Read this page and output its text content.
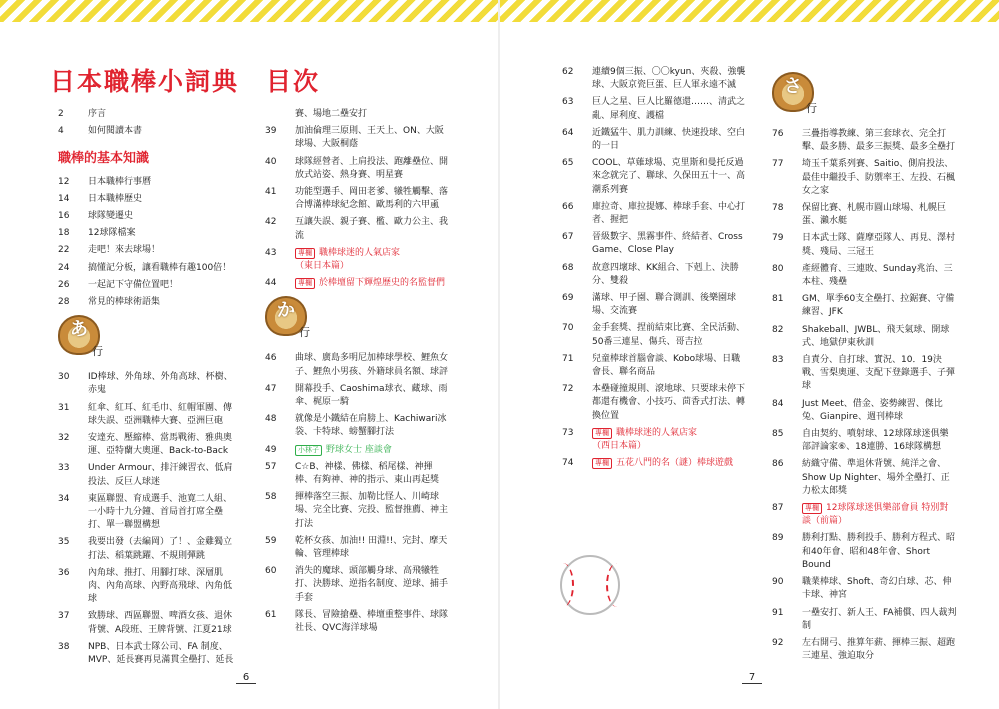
日本職棒小詞典　目次
2	序言
4	如何閱讀本書
職棒的基本知識
12	日本職棒行事曆
14	日本職棒歷史
16	球隊變遷史
18	12球隊檔案
22	走吧！來去球場！
24	搞懂記分板，讓看職棒有趣100倍！
26	一起記下守備位置吧！
28	常見的棒球術語集
あ
行
30	ID棒球、外角球、外角高球、杯樹、赤鬼
31	紅傘、紅耳、紅毛巾、紅帽軍團、傳球失誤、亞洲職棒大賽、亞洲巨砲
32	安達充、壓縮棒、當馬戰術、雅典奧運、亞特蘭大奧運、Back-to-Back
33	Under Armour、排汗練習衣、低肩投法、反巨人球迷
34	東區聯盟、育成選手、池寛二人組、一小時十九分鐘、首局首打席全壘打、單一聯盟構想
35	我要出發（去編岡）了！、金雞獨立打法、稻葉跳躍、不規則彈跳
36	內角球、推打、用腳打球、深層肌肉、內角高球、內野高飛球、內角低球
37	致勝球、西區聯盟、啤酒女孩、退休背號、A段班、王牌背號、江夏21球
38	NPB、日本武士隊公司、FA 制度、MVP、延長賽再見滿貫全壘打、延長
賽、場地二壘安打
39	加油倫理三原則、王天上、ON、大阪球場、大阪桐蔭
40	球隊經營者、上肩投法、跑離壘位、開放式站姿、熱身賽、明星賽
41	功能型選手、岡田老爹、犧牲觸擊、落合博滿棒球紀念館、歐馬利的六甲颪
42	互讓失誤、親子賽、檻、歐力公主、我流
43	專欄 職棒球迷的人氣店家
（東日本篇）
44	專欄 於棒壇留下輝煌歷史的名監督們
か
行
46	曲球、廣島多明尼加棒球學校、鯉魚女子、鯉魚小男孩、外籍球員名額、球評
47	開幕投手、Caoshima球衣、藏球、雨傘、梶原一騎
48	就像是小鐵結在肩膀上、Kachiwari冰袋、卡特球、螃蟹腳打法
49	小林子 野球女士 座談會
57	C☆B、神樣、佛樣、稻尾樣、神揮棒、有夠神、神的指示、東山再起獎
58	揮棒落空三振、加勒比怪人、川崎球場、完全比賽、完投、監督推薦、神主打法
59	乾杯女孩、加油!! 田淵!!、完封、摩天輪、管理棒球
60	消失的魔球、頭部觸身球、高飛犧牲打、決勝球、逆指名制度、逆球、捕手手套
61	隊長、冒險搶壘、棒壇重整事件、球隊社長、QVC海洋球場
6
62	連續9個三振、〇〇kyun、夾殺、強襲球、大阪京瓷巨蛋、巨人軍永遠不滅
63	巨人之星、巨人比羅德還……、清武之亂、犀利度、護檔
64	近鐵猛牛、肌力訓練、快速投球、空白的一日
65	COOL、草薙球場、克里斯和曼托反過來念就完了、聯球、久保田五十一、高潮系列賽
66	庫拉奇、庫拉提娜、棒球手套、中心打者、握把
67	晉級數字、黑霧事件、終結者、Cross Game、Close Play
68	故意四壞球、KK組合、下剋上、決勝分、雙殺
69	滿球、甲子園、聯合測訓、後樂園球場、交流賽
70	金手套獎、捏前結束比賽、全民活動、50番三連星、傷兵、哥吉拉
71	兒童棒球首腦會談、Kobo球場、日職會長、聯名商品
72	本壘碰撞規則、滾地球、只要球未停下都還有機會、小技巧、茴香式打法、轉換位置
73	專欄 職棒球迷的人氣店家
（西日本篇）
74	專欄 五花八門的名（謎）棒球遊戲
さ
行
76	三疊指導教練、第三套球衣、完全打擊、最多勝、最多三振獎、最多全壘打
77	埼玉千葉系列賽、Saitio、側肩投法、最佳中繼投手、防禦率王、左投、石楓女之家
78	保留比賽、札幌市圓山球場、札幌巨蛋、瀨水艇
79	日本武士隊、薩摩亞隊人、再見、澤村獎、殘局、三冠王
80	產經體育、三連敗、Sunday兆治、三本柱、殘壘
81	GM、單季60支全壘打、拉鋸賽、守備練習、JFK
82	Shakeball、JWBL、飛天氣球、開球式、地獄伊東秋訓
83	自責分、自打球、實況、10．19決戰、雪梨奧運、支配下登錄選手、子彈球
84	Just Meet、借金、姿勢練習、傑比兔、Gianpire、週刊棒球
85	自由契約、噴射球、12球隊球迷俱樂部評論家⑥、18連勝、16球隊構想
86	紡織守備、準退休背號、純洋之會、Show Up Nighter、場外全壘打、正力松太郎獎
87	專欄 12球隊球迷俱樂部會員 特別對談（前篇）
89	勝利打點、勝利投手、勝利方程式、昭和40年會、昭和48年會、Short Bound
90	職業棒球、Shoft、奇幻白球、芯、伸卡球、神宮
91	一壘安打、新人王、FA補償、四人裁判制
92	左右開弓、推算年薪、揮棒三振、超跑三連星、強迫取分
7
